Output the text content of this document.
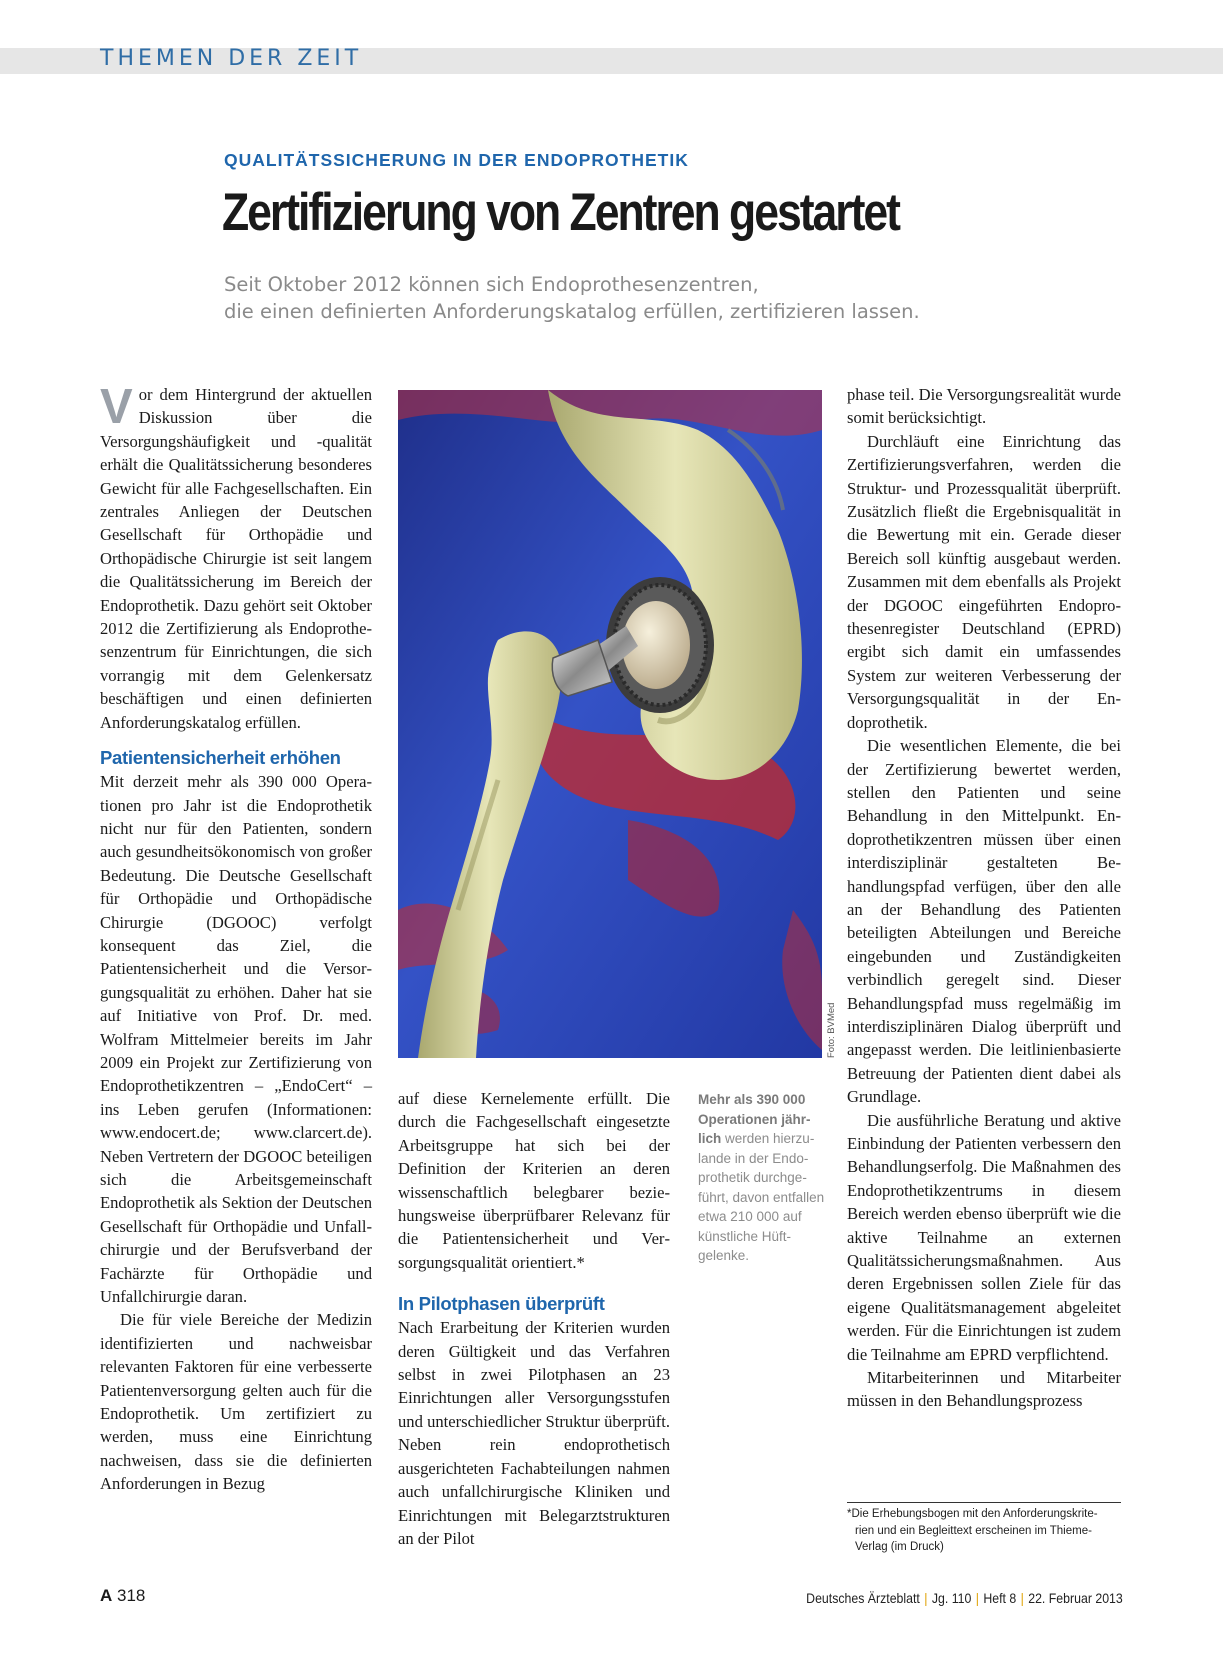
THEMEN DER ZEIT
QUALITÄTSSICHERUNG IN DER ENDOPROTHETIK
Zertifizierung von Zentren gestartet
Seit Oktober 2012 können sich Endoprothesenzentren,
die einen definierten Anforderungskatalog erfüllen, zertifizieren lassen.

Vor dem Hintergrund der aktuellen Diskussion über die Versorgungshäufigkeit und -qualität erhält die Qualitätssicherung besonderes Gewicht für alle Fachgesellschaften. Ein zentrales Anliegen der Deutschen Gesellschaft für Orthopädie und Orthopädische Chirurgie ist seit langem die Qualitätssicherung im Bereich der Endoprothetik. Dazu gehört seit Oktober 2012 die Zertifizierung als Endoprothesenzentrum für Einrichtungen, die sich vorrangig mit dem Gelenkersatz beschäftigen und einen definierten Anforderungskatalog erfüllen.

Patientensicherheit erhöhen

Mit derzeit mehr als 390 000 Operationen pro Jahr ist die Endoprothetik nicht nur für den Patienten, sondern auch gesundheitsökonomisch von großer Bedeutung. Die Deutsche Gesellschaft für Orthopädie und Orthopädische Chirurgie (DGOOC) verfolgt konsequent das Ziel, die Patientensicherheit und die Versorgungsqualität zu erhöhen. Daher hat sie auf Initiative von Prof. Dr. med. Wolfram Mittelmeier bereits im Jahr 2009 ein Projekt zur Zertifizierung von Endoprothetikzentren – „EndoCert“ – ins Leben gerufen (Informationen: www.endocert.de; www.clarcert.de). Neben Vertretern der DGOOC beteiligen sich die Arbeitsgemeinschaft Endoprothetik als Sektion der Deutschen Gesellschaft für Orthopädie und Unfallchirurgie und der Berufsverband der Fachärzte für Orthopädie und Unfallchirurgie daran.

Die für viele Bereiche der Medizin identifizierten und nachweisbar relevanten Faktoren für eine verbesserte Patientenversorgung gelten auch für die Endoprothetik. Um zertifiziert zu werden, muss eine Einrichtung nachweisen, dass sie die definierten Anforderungen in Bezug

Foto: BVMed
Mehr als 390 000 Operationen jährlich werden hierzulande in der Endoprothetik durchgeführt, davon entfallen etwa 210 000 auf künstliche Hüftgelenke.

auf diese Kernelemente erfüllt. Die durch die Fachgesellschaft eingesetzte Arbeitsgruppe hat sich bei der Definition der Kriterien an deren wissenschaftlich belegbarer beziehungsweise überprüfbarer Relevanz für die Patientensicherheit und Versorgungsqualität orientiert.*

In Pilotphasen überprüft

Nach Erarbeitung der Kriterien wurden deren Gültigkeit und das Verfahren selbst in zwei Pilotphasen an 23 Einrichtungen aller Versorgungsstufen und unterschiedlicher Struktur überprüft. Neben rein endoprothetisch ausgerichteten Fachabteilungen nahmen auch unfallchirurgische Kliniken und Einrichtungen mit Belegarztstrukturen an der Pilot

phase teil. Die Versorgungsrealität wurde somit berücksichtigt.

Durchläuft eine Einrichtung das Zertifizierungsverfahren, werden die Struktur- und Prozessqualität überprüft. Zusätzlich fließt die Ergebnisqualität in die Bewertung mit ein. Gerade dieser Bereich soll künftig ausgebaut werden. Zusammen mit dem ebenfalls als Projekt der DGOOC eingeführten Endoprothesenregister Deutschland (EPRD) ergibt sich damit ein umfassendes System zur weiteren Verbesserung der Versorgungsqualität in der Endoprothetik.

Die wesentlichen Elemente, die bei der Zertifizierung bewertet werden, stellen den Patienten und seine Behandlung in den Mittelpunkt. Endoprothetikzentren müssen über einen interdisziplinär gestalteten Behandlungspfad verfügen, über den alle an der Behandlung des Patienten beteiligten Abteilungen und Bereiche eingebunden und Zuständigkeiten verbindlich geregelt sind. Dieser Behandlungspfad muss regelmäßig im interdisziplinären Dialog überprüft und angepasst werden. Die leitlinienbasierte Betreuung der Patienten dient dabei als Grundlage.

Die ausführliche Beratung und aktive Einbindung der Patienten verbessern den Behandlungserfolg. Die Maßnahmen des Endoprothetikzentrums in diesem Bereich werden ebenso überprüft wie die aktive Teilnahme an externen Qualitätssicherungsmaßnahmen. Aus deren Ergebnissen sollen Ziele für das eigene Qualitätsmanagement abgeleitet werden. Für die Einrichtungen ist zudem die Teilnahme am EPRD verpflichtend.

Mitarbeiterinnen und Mitarbeiter müssen in den Behandlungsprozess

*Die Erhebungsbogen mit den Anforderungskrite-
rien und ein Begleittext erscheinen im Thieme-
Verlag (im Druck)
A 318	Deutsches Ärzteblatt | Jg. 110 | Heft 8 | 22. Februar 2013
